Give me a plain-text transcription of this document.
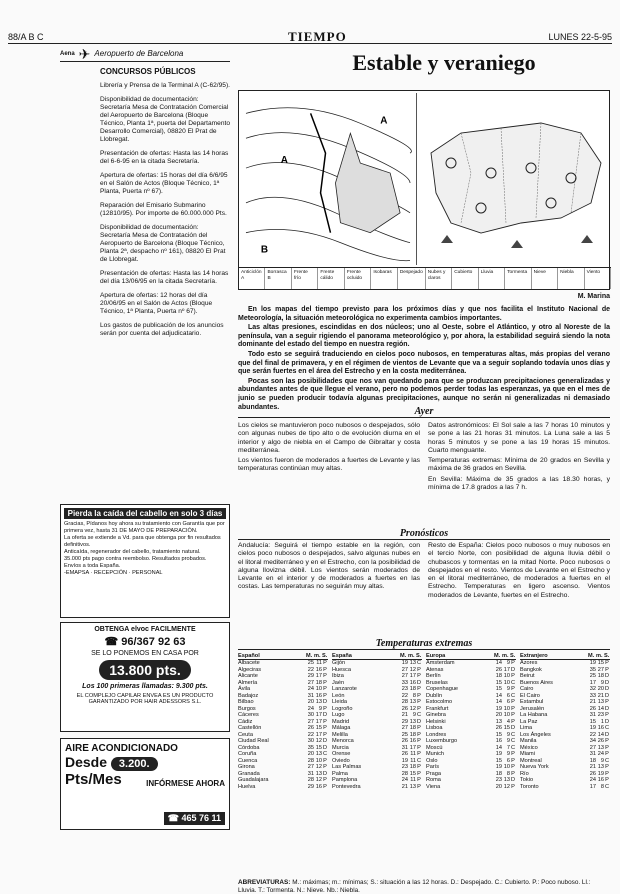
88/A B C	TIEMPO	LUNES 22-5-95
Aena ✈ Aeropuerto de Barcelona
CONCURSOS PÚBLICOS

Librería y Prensa de la Terminal A (C-62/95).

Disponibilidad de documentación: Secretaría Mesa de Contratación Comercial del Aeropuerto de Barcelona (Bloque Técnico, Planta 1ª, puerta del Departamento Desarrollo Comercial), 08820 El Prat de Llobregat.

Presentación de ofertas: Hasta las 14 horas del 6-6-95 en la citada Secretaría.

Apertura de ofertas: 15 horas del día 6/6/95 en el Salón de Actos (Bloque Técnico, 1ª Planta, Puerta nº 67).

Reparación del Emisario Submarino (12810/95). Por importe de 60.000.000 Pts.

Disponibilidad de documentación: Secretaría Mesa de Contratación del Aeropuerto de Barcelona (Bloque Técnico, Planta 2ª, despacho nº 161), 08820 El Prat de Llobregat.

Presentación de ofertas: Hasta las 14 horas del día 13/06/95 en la citada Secretaría.

Apertura de ofertas: 12 horas del día 20/06/95 en el Salón de Actos (Bloque Técnico, 1ª Planta, Puerta nº 67).

Los gastos de publicación de los anuncios serán por cuenta del adjudicatario.

Pierda la caída del cabello en solo 3 días
Gracias, Pídanos hoy ahora su tratamiento con Garantía que por primera vez, hasta 31 DE MAYO DE PREPARACIÓN.
La oferta se extiende a Vd. para que obtenga por fin resultados definitivos.
Anticaída, regenerador del cabello, tratamiento natural.
35.000 pts pago contra reembolso. Resultados probados.
Envíos a toda España.
-EMAPSA · RECEPCIÓN · PERSONAL
OBTENGA elvoc FACILMENTE
☎ 96/367 92 63
SE LO PONEMOS EN CASA POR
13.800 pts.
Los 100 primeras llamadas: 9.300 pts.
EL COMPLEJO CAPILAR ENVEA ES UN PRODUCTO GARANTIZADO POR HAIR ADESSORS S.L.
AIRE ACONDICIONADO
Desde 3.200.
Pts/Mes	INFÓRMESE AHORA
☎ 465 76 11
Estable y veraniego
A
A
B
Anticiclón A
Borrasca B
Frente frío
Frente cálido
Frente ocluido
Isobaras	Despejado	Nubes y claros
Cubierto	Lluvia	Tormenta	Nieve	Niebla	Viento
M. Marina

En los mapas del tiempo previsto para los próximos días y que nos facilita el Instituto Nacional de Meteorología, la situación meteorológica no experimenta cambios importantes.

Las altas presiones, escindidas en dos núcleos; uno al Oeste, sobre el Atlántico, y otro al Noreste de la península, van a seguir rigiendo el panorama meteorológico y, por ahora, la estabilidad seguirá siendo la nota dominante del estado del tiempo en nuestra región.

Todo esto se seguirá traduciendo en cielos poco nubosos, en temperaturas altas, más propias del verano que del final de primavera, y en el régimen de vientos de Levante que va a seguir soplando todavía unos días y que serán fuertes en el área del Estrecho y en la costa mediterránea.

Pocas son las posibilidades que nos van quedando para que se produzcan precipitaciones generalizadas y abundantes antes de que llegue el verano, pero no podemos perder todas las esperanzas, ya que en el mes de junio se pueden producir todavía algunas precipitaciones, aunque no serán ni generalizadas ni demasiado abundantes.	Ayer

Los cielos se mantuvieron poco nubosos o despejados, sólo con algunas nubes de tipo alto o de evolución diurna en el interior y algo de niebla en el Campo de Gibraltar y costa mediterránea.

Los vientos fueron de moderados a fuertes de Levante y las temperaturas continúan muy altas.

Datos astronómicos: El Sol sale a las 7 horas 10 minutos y se pone a las 21 horas 31 minutos. La Luna sale a las 5 horas 5 minutos y se pone a las 19 horas 15 minutos. Cuarto menguante.

Temperaturas extremas: Mínima de 20 grados en Sevilla y máxima de 36 grados en Sevilla.

En Sevilla: Máxima de 35 grados a las 18.30 horas, y mínima de 17.8 grados a las 7 h.

Pronósticos

Andalucía: Seguirá el tiempo estable en la región, con cielos poco nubosos o despejados, salvo algunas nubes en el litoral mediterráneo y en el Estrecho, con la posibilidad de alguna llovizna débil. Los vientos serán moderados de Levante en el interior y de moderados a fuertes en las costas. Las temperaturas no seguirán muy altas.

Resto de España: Cielos poco nubosos o muy nubosos en el tercio Norte, con posibilidad de alguna lluvia débil o chubascos y tormentas en la mitad Norte. Poco nubosos o despejados en el resto. Vientos de Levante en el Estrecho y en el litoral mediterráneo, de moderados a fuertes en el Estrecho. Temperaturas en ligero ascenso. Vientos moderados de Levante, fuertes en el Estrecho.

Temperaturas extremas
Español	M.	m.	S.
Albacete	25	11	P
Algeciras	22	16	P
Alicante	29	17	P
Almería	27	18	P
Ávila	24	10	P
Badajoz	31	16	P
Bilbao	20	13	D
Burgos	24	9	P
Cáceres	30	17	D
Cádiz	27	17	P
Castellón	26	15	P
Ceuta	22	17	P
Ciudad Real	30	12	D
Córdoba	35	15	D
Coruña	20	13	C
Cuenca	28	10	P
Girona	27	12	P
Granada	31	13	D
Guadalajara	28	12	P
Huelva	29	16	P
España	M.	m.	S.
Gijón	19	13	C
Huesca	27	12	P
Ibiza	27	17	P
Jaén	33	16	D
Lanzarote	23	18	P
León	22	8	P
Lleida	28	13	P
Logroño	26	12	P
Lugo	21	9	C
Madrid	29	13	D
Málaga	27	18	P
Melilla	25	18	P
Menorca	26	16	P
Murcia	31	17	P
Orense	26	11	P
Oviedo	19	11	C
Las Palmas	23	18	P
Palma	28	15	P
Pamplona	24	11	P
Pontevedra	21	13	P
Europa	M.	m.	S.
Amsterdam	14	9	P
Atenas	26	17	D
Berlín	18	10	P
Bruselas	15	10	C
Copenhague	15	9	P
Dublín	14	6	C
Estocolmo	14	6	P
Frankfurt	19	10	P
Ginebra	20	10	P
Helsinki	13	4	P
Lisboa	26	15	D
Londres	15	9	C
Luxemburgo	16	9	C
Moscú	14	7	C
Munich	19	9	P
Oslo	15	6	P
París	19	10	P
Praga	18	8	P
Roma	23	13	D
Viena	20	12	P
Extranjero	M.	m.	S.
Azores	19	15	P
Bangkok	35	27	P
Beirut	25	18	D
Buenos Aires	17	9	D
Cairo	32	20	D
El Cairo	33	21	D
Estambul	21	13	P
Jerusalén	26	14	D
La Habana	31	23	P
La Paz	15	1	D
Lima	19	16	C
Los Ángeles	22	14	D
Manila	34	26	P
México	27	13	P
Miami	31	24	P
Montreal	18	9	C
Nueva York	21	13	P
Río	26	19	P
Tokio	24	16	P
Toronto	17	8	C
ABREVIATURAS: M.: máximas; m.: mínimas; S.: situación a las 12 horas. D.: Despejado. C.: Cubierto. P.: Poco nuboso. Ll.: Lluvia. T.: Tormenta. N.: Nieve. Nb.: Niebla.
